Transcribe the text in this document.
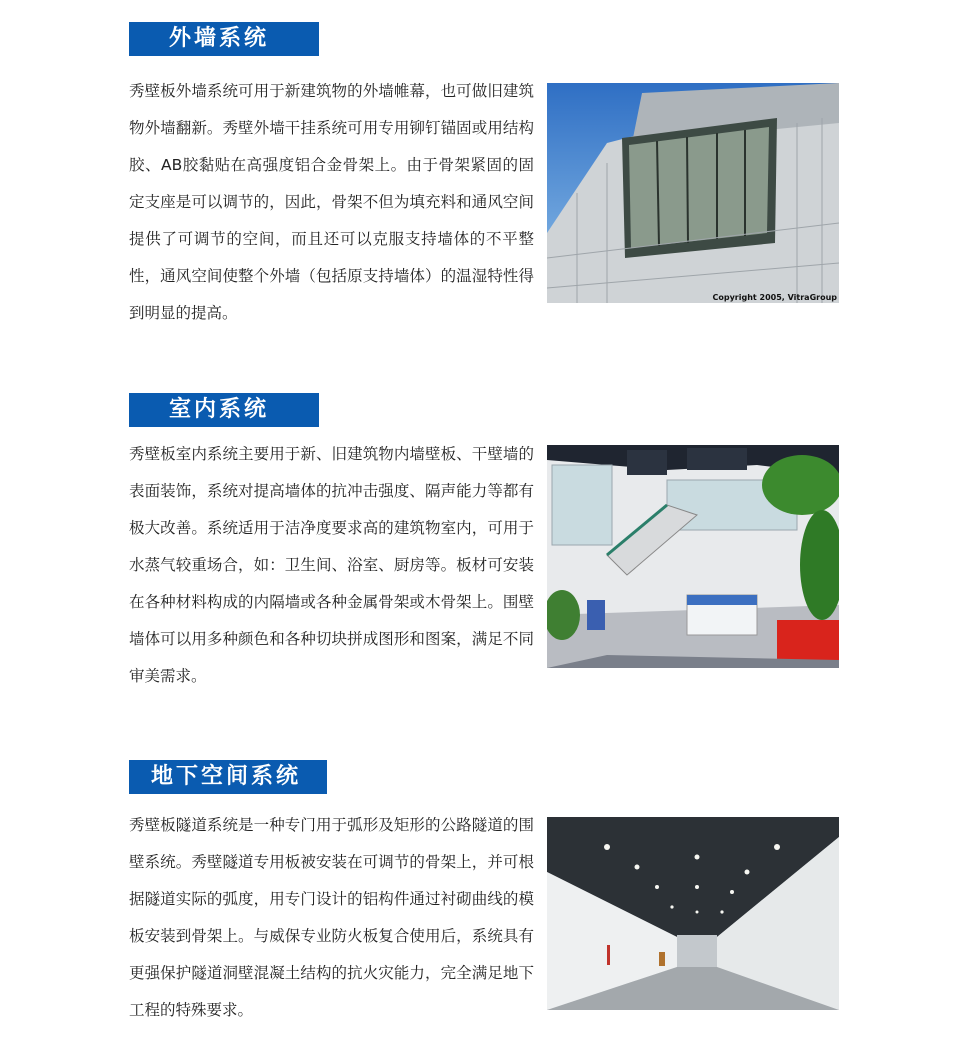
外墙系统

秀壁板外墙系统可用于新建筑物的外墙帷幕，也可做旧建筑物外墙翻新。秀壁外墙干挂系统可用专用铆钉锚固或用结构胶、AB胶黏贴在高强度铝合金骨架上。由于骨架紧固的固定支座是可以调节的，因此，骨架不但为填充料和通风空间提供了可调节的空间，而且还可以克服支持墙体的不平整性，通风空间使整个外墙（包括原支持墙体）的温湿特性得到明显的提高。

Copyright 2005, VitraGroup
室内系统

秀壁板室内系统主要用于新、旧建筑物内墙壁板、干壁墙的表面装饰，系统对提高墙体的抗冲击强度、隔声能力等都有极大改善。系统适用于洁净度要求高的建筑物室内，可用于水蒸气较重场合，如：卫生间、浴室、厨房等。板材可安装在各种材料构成的内隔墙或各种金属骨架或木骨架上。围壁墙体可以用多种颜色和各种切块拼成图形和图案，满足不同审美需求。

地下空间系统

秀壁板隧道系统是一种专门用于弧形及矩形的公路隧道的围壁系统。秀壁隧道专用板被安装在可调节的骨架上，并可根据隧道实际的弧度，用专门设计的铝构件通过衬砌曲线的模板安装到骨架上。与威保专业防火板复合使用后，系统具有更强保护隧道洞壁混凝土结构的抗火灾能力，完全满足地下工程的特殊要求。
